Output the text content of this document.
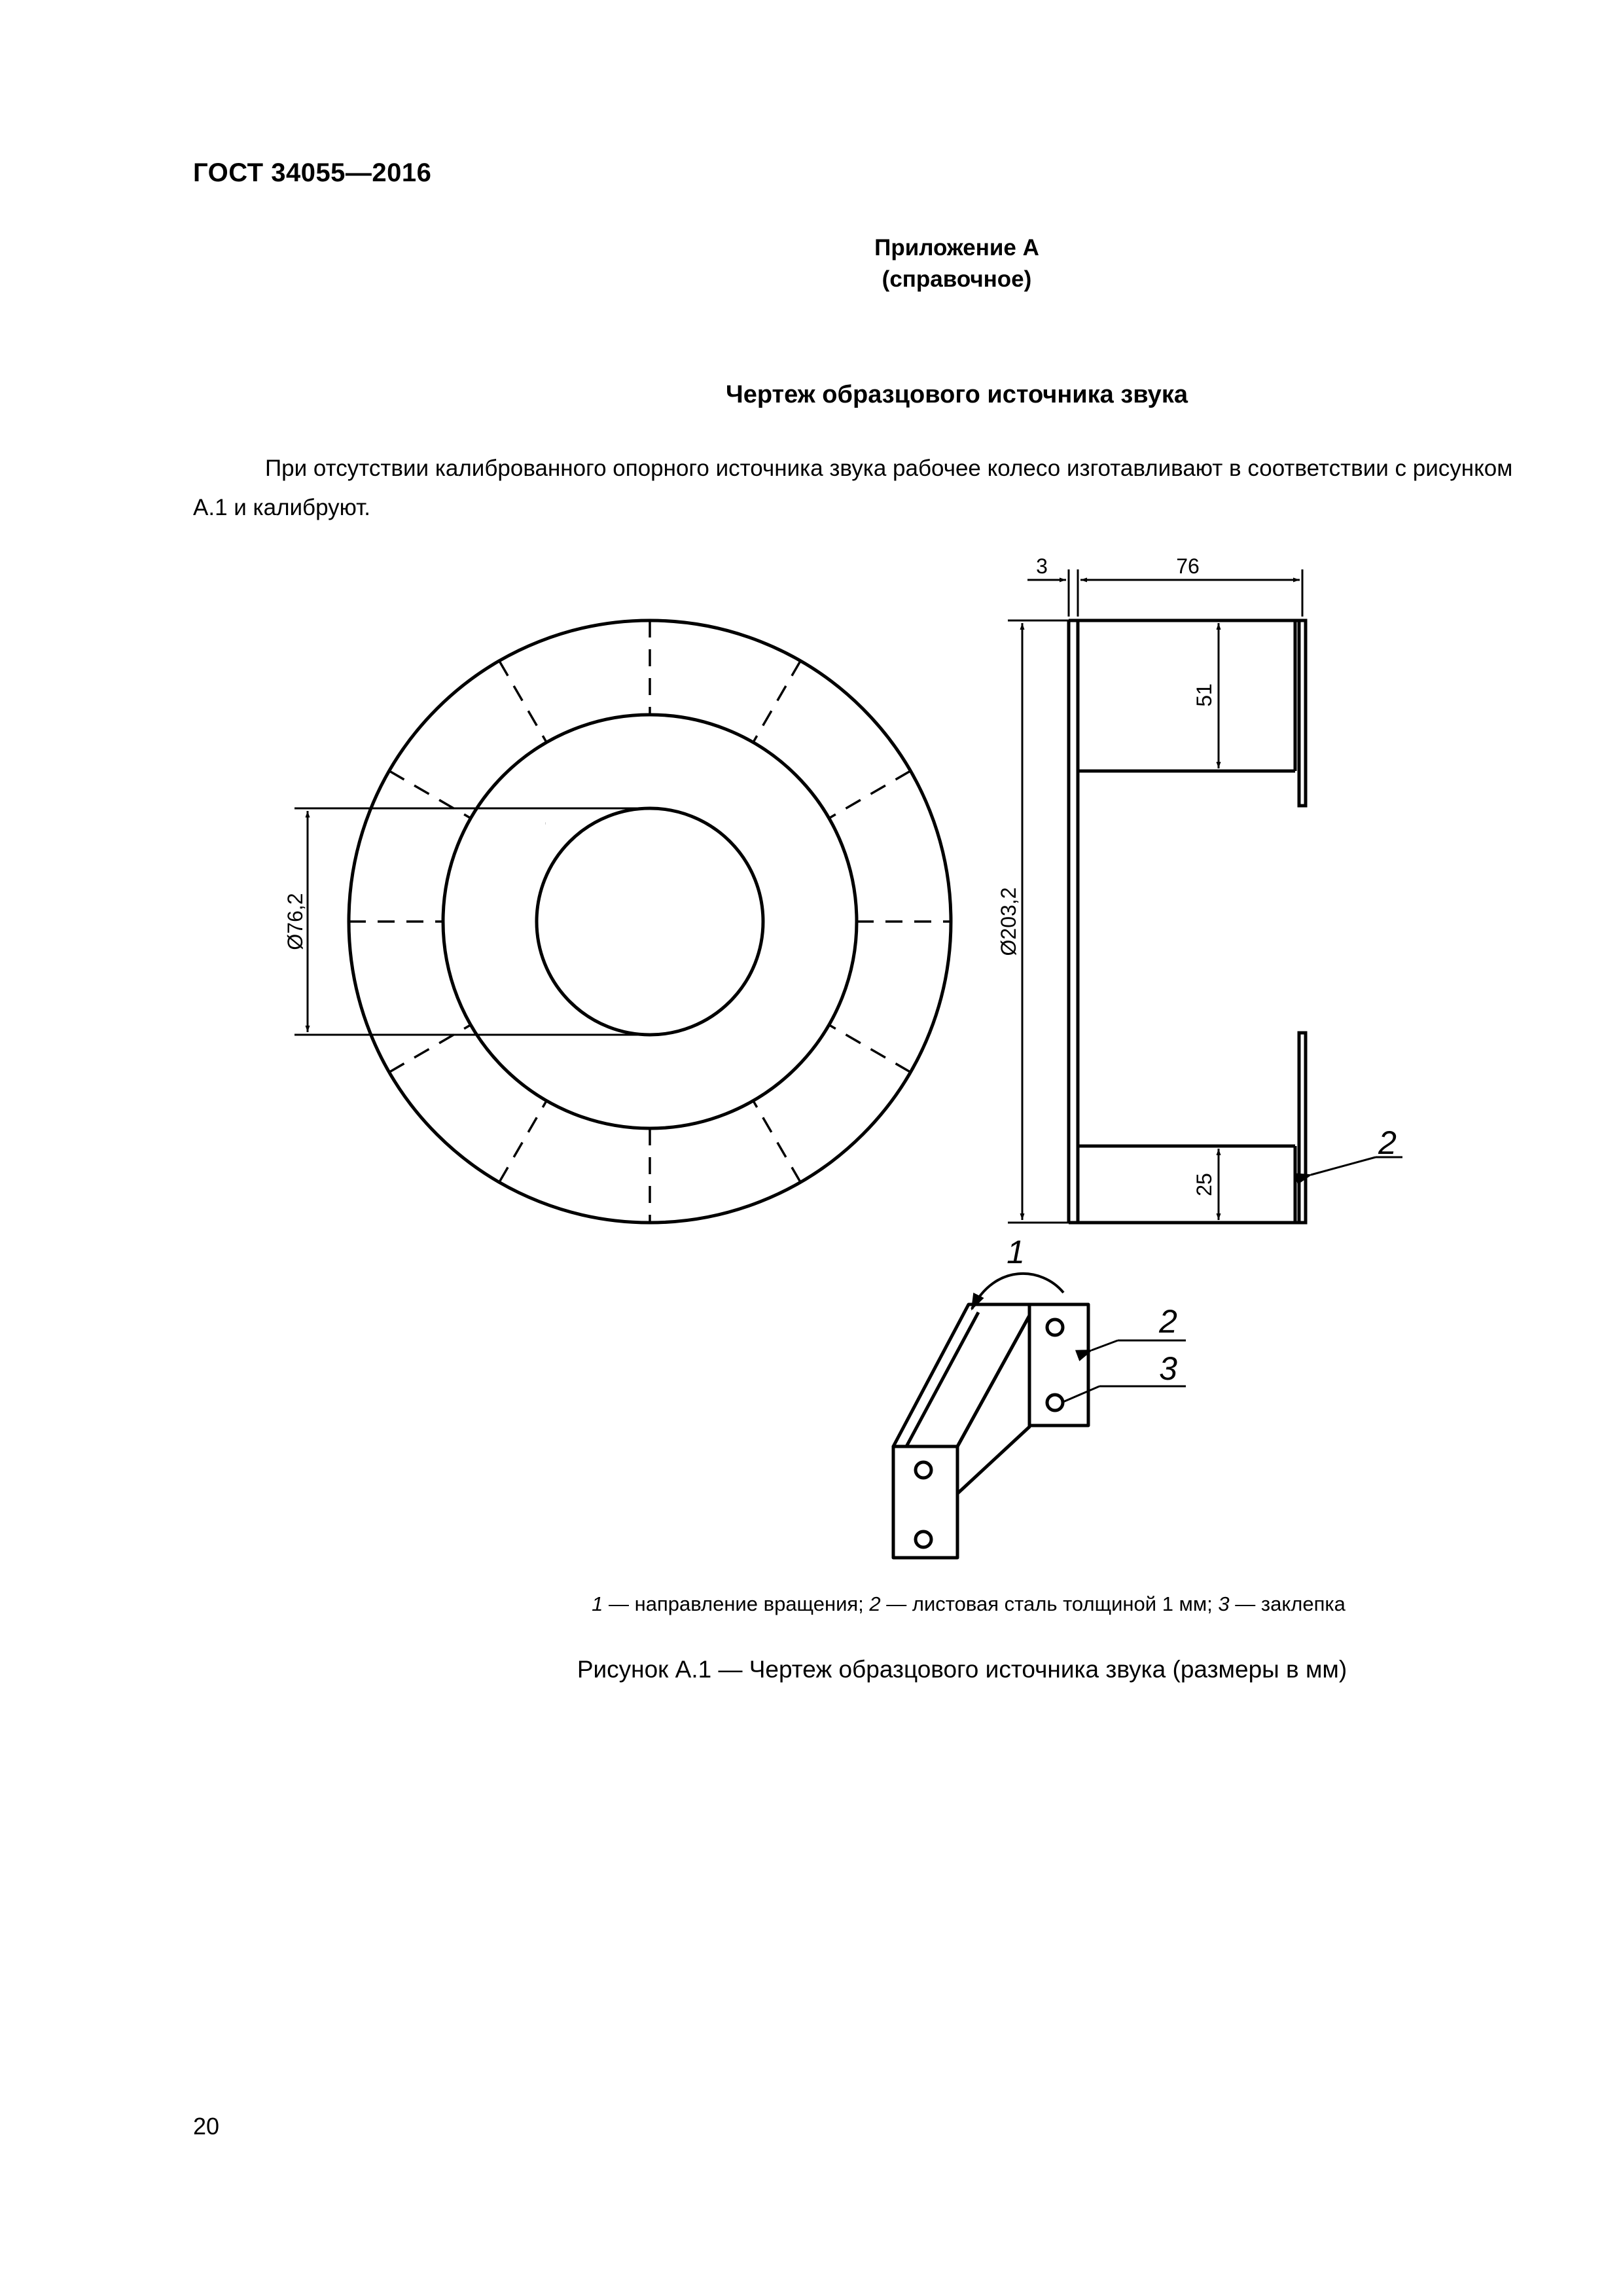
ГОСТ 34055—2016
Приложение А
(справочное)
Чертеж образцового источника звука
При отсутствии калиброванного опорного источника звука рабочее колесо изготавливают в соответствии с рисунком А.1 и калибруют.
Ø76,2	Ø203,2
3	76
51
25
2
1
2
3
1 — направление вращения; 2 — листовая сталь толщиной 1 мм; 3 — заклепка
Рисунок А.1 — Чертеж образцового источника звука (размеры в мм)
20
